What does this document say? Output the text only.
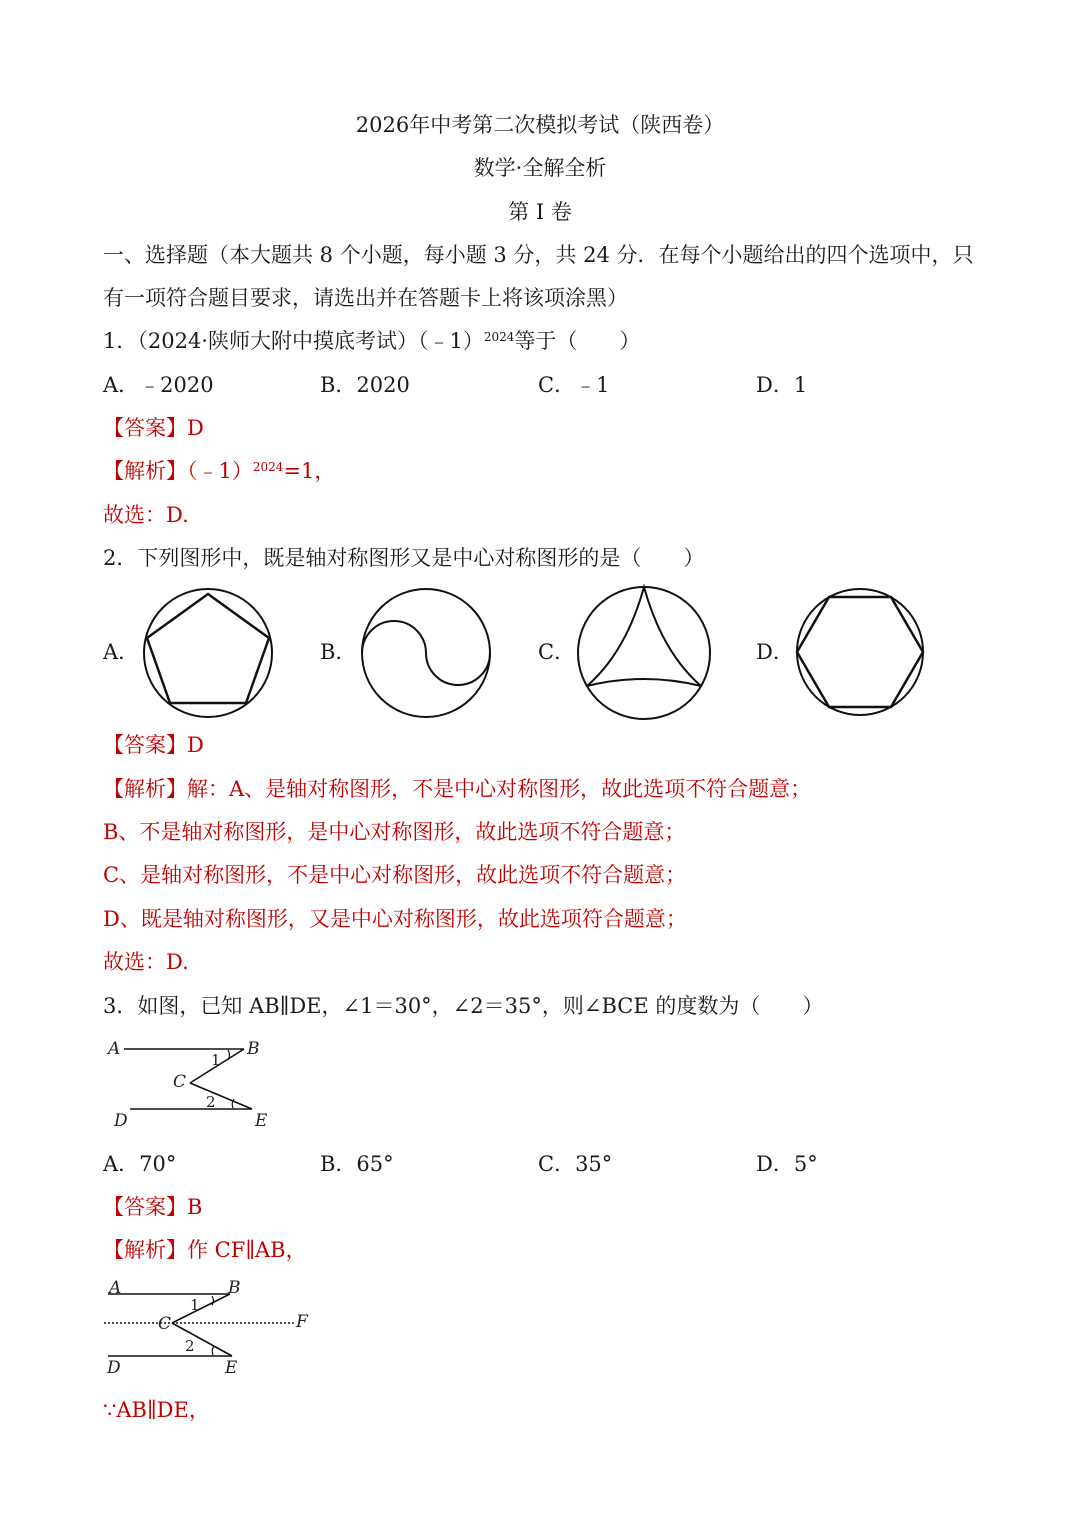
2026年中考第二次模拟考试（陕西卷）
数学·全解全析
第 I 卷
一、选择题（本大题共 8 个小题，每小题 3 分，共 24 分．在每个小题给出的四个选项中，只
有一项符合题目要求，请选出并在答题卡上将该项涂黑）
1．（2024·陕师大附中摸底考试）（﹣1）$^{2024}$等于（　　）
A．﹣2020	B．2020	C．﹣1	D．1
【答案】D
【解析】（﹣1）$^{2024}$=1，
故选：D.
2．下列图形中，既是轴对称图形又是中心对称图形的是（　　）
A．	B．	C．	D．
【答案】D
【解析】解：A、是轴对称图形，不是中心对称图形，故此选项不符合题意；
B、不是轴对称图形，是中心对称图形，故此选项不符合题意；
C、是轴对称图形，不是中心对称图形，故此选项不符合题意；
D、既是轴对称图形，又是中心对称图形，故此选项符合题意；
故选：D.
3．如图，已知 AB∥DE，∠1＝30°，∠2＝35°，则∠BCE 的度数为（　　）
A	B
C
D	E
1
2
A．70°	B．65°	C．35°	D．5°
【答案】B
【解析】作 CF∥AB，
A	B
C	F
D	E
1
2
∵AB∥DE，
